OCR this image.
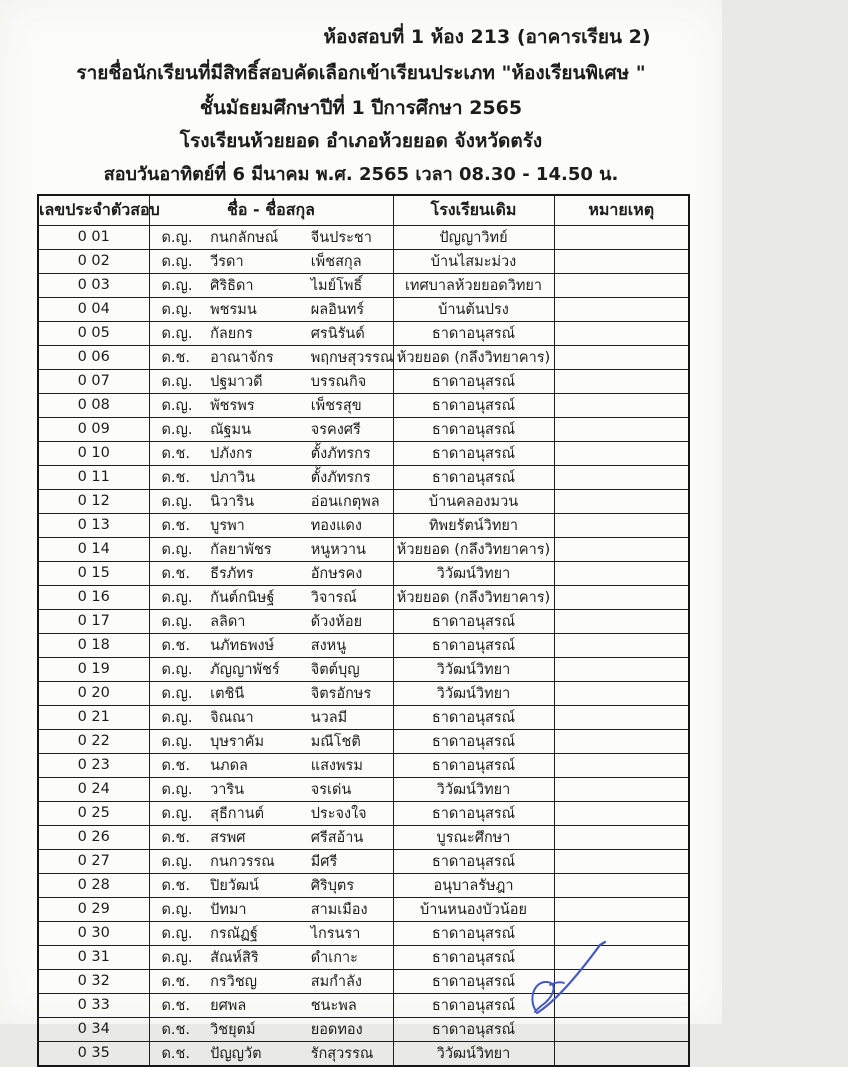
ห้องสอบที่ 1 ห้อง 213 (อาคารเรียน 2)
รายชื่อนักเรียนที่มีสิทธิ์สอบคัดเลือกเข้าเรียนประเภท "ห้องเรียนพิเศษ "
ชั้นมัธยมศึกษาปีที่ 1 ปีการศึกษา 2565
โรงเรียนห้วยยอด อำเภอห้วยยอด จังหวัดตรัง
สอบวันอาทิตย์ที่ 6 มีนาคม พ.ศ. 2565 เวลา 08.30 - 14.50 น.
เลขประจำตัวสอบ	ชื่อ - ชื่อสกุล	โรงเรียนเดิม	หมายเหตุ
0 01	ด.ญ. กนกลักษณ์ จีนประชา	ปัญญาวิทย์	
0 02	ด.ญ. วีรดา เพ็ชสกุล	บ้านไสมะม่วง	
0 03	ด.ญ. ศิริธิดา ไมย์โพธิ์	เทศบาลห้วยยอดวิทยา	
0 04	ด.ญ. พชรมน ผลอินทร์	บ้านต้นปรง	
0 05	ด.ญ. กัลยกร ศรนิรันด์	ธาดาอนุสรณ์	
0 06	ด.ช. อาณาจักร พฤกษสุวรรณ	ห้วยยอด (กลึงวิทยาคาร)	
0 07	ด.ญ. ปฐมาวดี บรรณกิจ	ธาดาอนุสรณ์	
0 08	ด.ญ. พัชรพร เพ็ชรสุข	ธาดาอนุสรณ์	
0 09	ด.ญ. ณัฐมน จรคงศรี	ธาดาอนุสรณ์	
0 10	ด.ช. ปภังกร ตั้งภัทรกร	ธาดาอนุสรณ์	
0 11	ด.ช. ปภาวิน ตั้งภัทรกร	ธาดาอนุสรณ์	
0 12	ด.ญ. นิวาริน อ่อนเกตุพล	บ้านคลองมวน	
0 13	ด.ช. บูรพา ทองแดง	ทิพยรัตน์วิทยา	
0 14	ด.ญ. กัลยาพัชร หนูหวาน	ห้วยยอด (กลึงวิทยาคาร)	
0 15	ด.ช. ธีรภัทร อักษรคง	วิวัฒน์วิทยา	
0 16	ด.ญ. กันต์กนิษฐ์ วิจารณ์	ห้วยยอด (กลึงวิทยาคาร)	
0 17	ด.ญ. ลลิดา ด้วงห้อย	ธาดาอนุสรณ์	
0 18	ด.ช. นภัทธพงษ์ สงหนู	ธาดาอนุสรณ์	
0 19	ด.ญ. ภัญญาพัชร์ จิตต์บุญ	วิวัฒน์วิทยา	
0 20	ด.ญ. เตชินี จิตรอักษร	วิวัฒน์วิทยา	
0 21	ด.ญ. จิณณา นวลมี	ธาดาอนุสรณ์	
0 22	ด.ญ. บุษราคัม มณีโชติ	ธาดาอนุสรณ์	
0 23	ด.ช. นภดล แสงพรม	ธาดาอนุสรณ์	
0 24	ด.ญ. วาริน จรเด่น	วิวัฒน์วิทยา	
0 25	ด.ญ. สุธีกานต์ ประจงใจ	ธาดาอนุสรณ์	
0 26	ด.ช. สรพศ ศรีสอ้าน	บูรณะศึกษา	
0 27	ด.ญ. กนกวรรณ มีศรี	ธาดาอนุสรณ์	
0 28	ด.ช. ปิยวัฒน์ ศิริบุตร	อนุบาลรัษฎา	
0 29	ด.ญ. ปัทมา สามเมือง	บ้านหนองบัวน้อย	
0 30	ด.ญ. กรณัฏฐ์ ไกรนรา	ธาดาอนุสรณ์	
0 31	ด.ญ. สัณห์สิริ ดำเกาะ	ธาดาอนุสรณ์	
0 32	ด.ช. กรวิชญ สมกำลัง	ธาดาอนุสรณ์	
0 33	ด.ช. ยศพล ชนะพล	ธาดาอนุสรณ์	
0 34	ด.ช. วิชยุตม์ ยอดทอง	ธาดาอนุสรณ์	
0 35	ด.ช. ปัญญวัต รักสุวรรณ	วิวัฒน์วิทยา	
